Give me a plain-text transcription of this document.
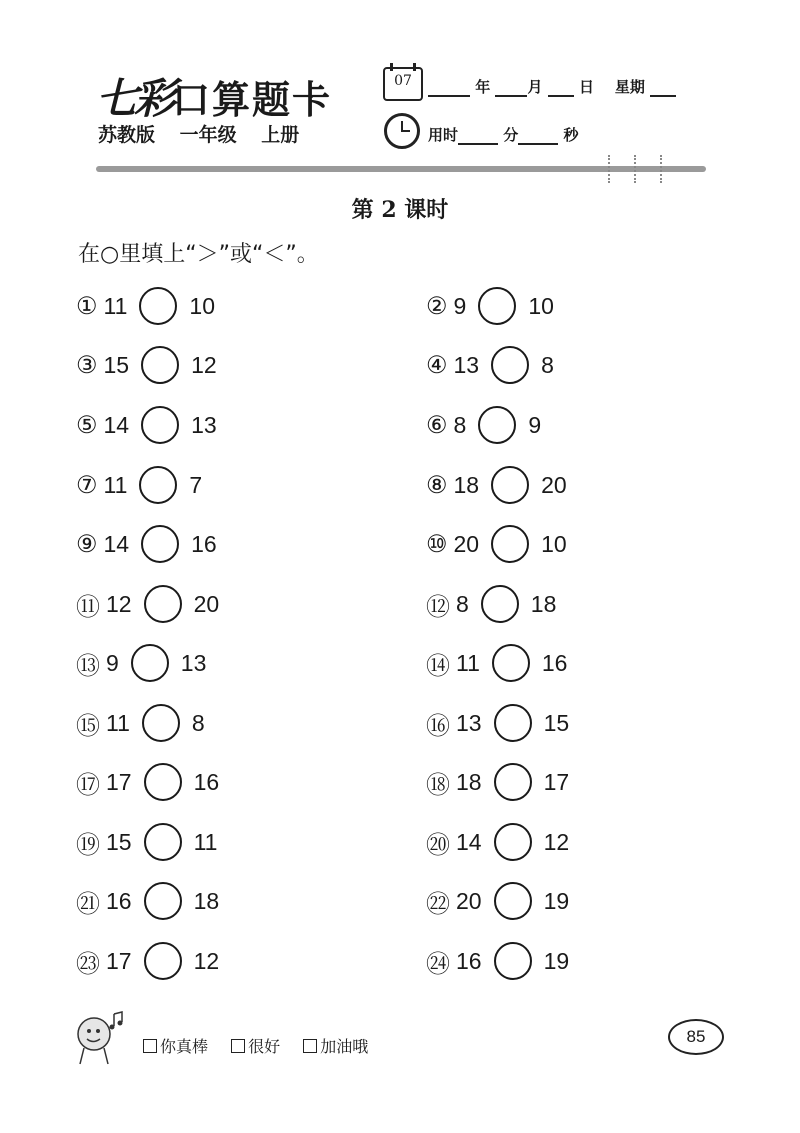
七彩口算题卡
苏教版 一年级 上册
07	年 月 日 星期
用时	分	秒
第 2 课时
在○里填上“＞”或“＜”。
① 11	10	② 9	10
③ 15	12	④ 13	8
⑤ 14	13	⑥ 8	9
⑦ 11	7	⑧ 18	20
⑨ 14	16	⑩ 20	10
⑪ 12	20	⑫ 8	18
⑬ 9	13	⑭ 11	16
⑮ 11	8	⑯ 13	15
⑰ 17	16	⑱ 18	17
⑲ 15	11	⑳ 14	12
㉑ 16	18	㉒ 20	19
㉓ 17	12	㉔ 16	19
你真棒	很好	加油哦
85
